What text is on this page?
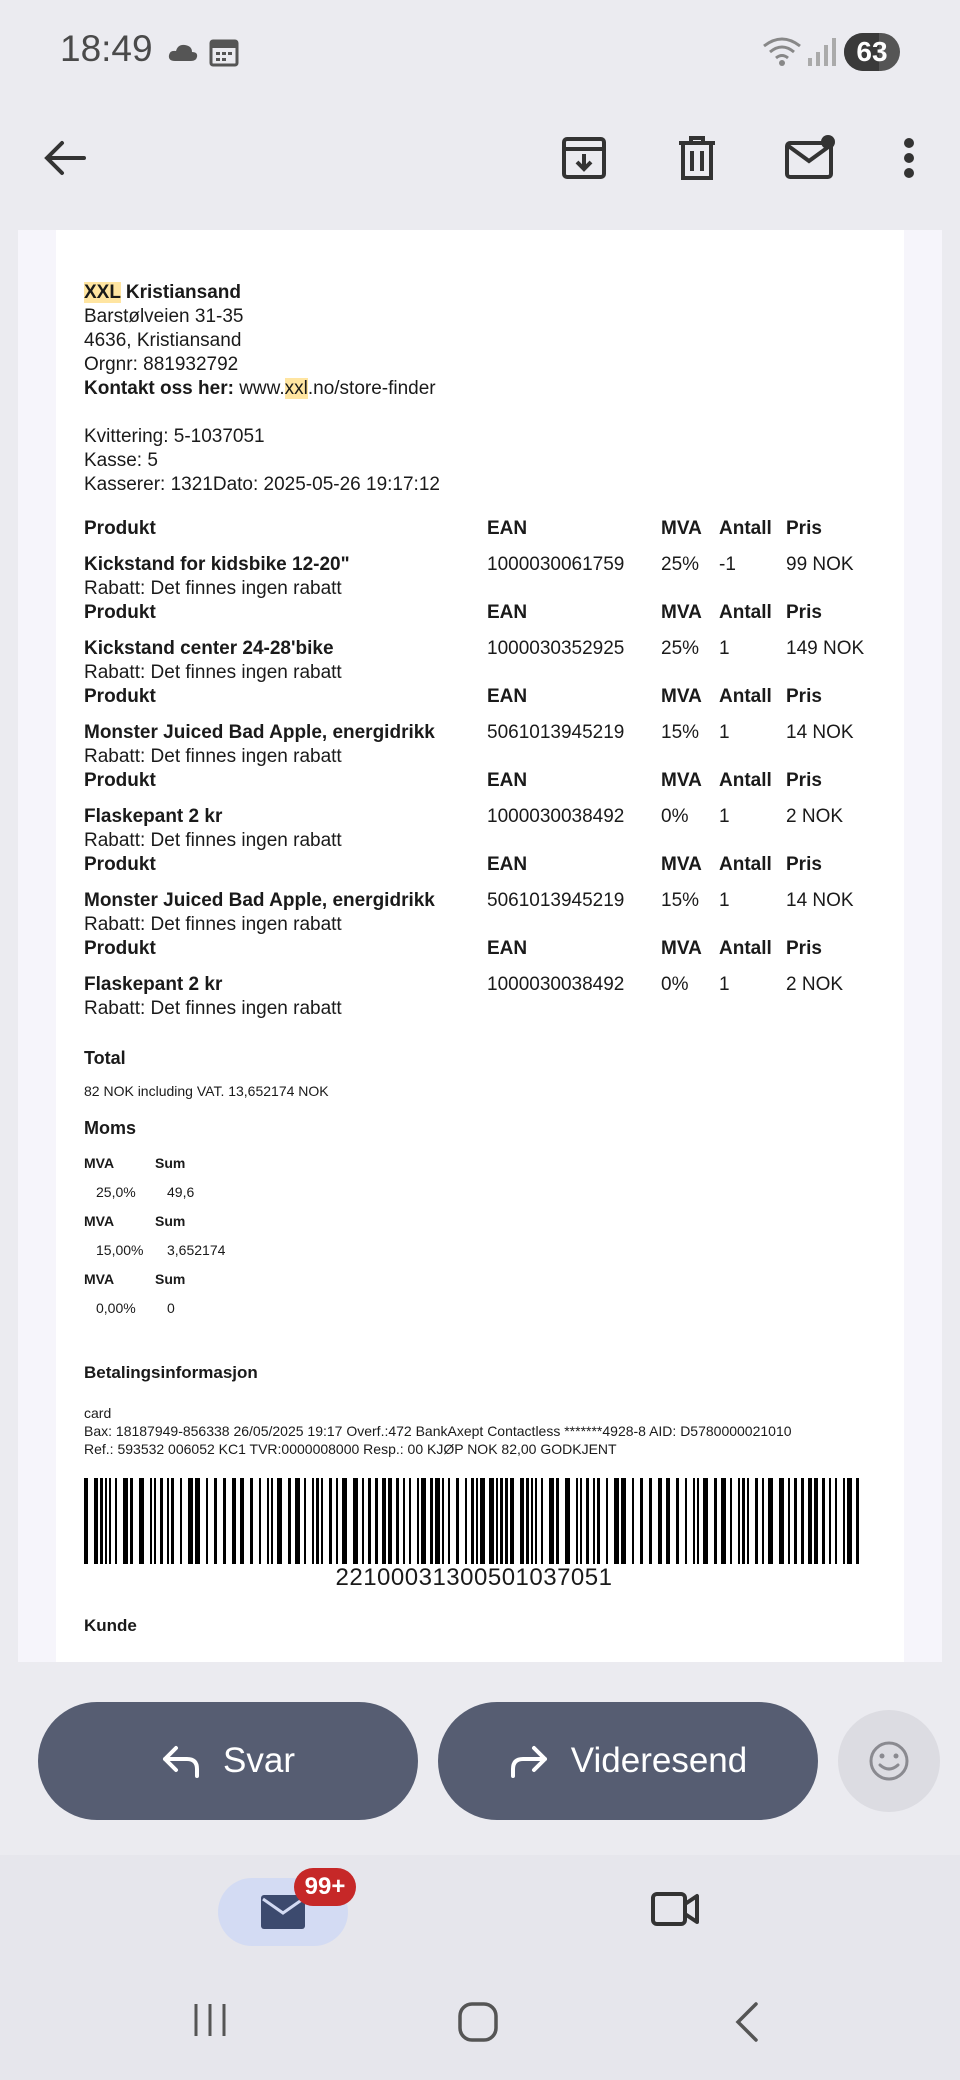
18:49	63
XXL Kristiansand
Barstølveien 31-35
4636, Kristiansand
Orgnr: 881932792
Kontakt oss her: www.xxl.no/store-finder
Kvittering: 5-1037051
Kasse: 5
Kasserer: 1321Dato: 2025-05-26 19:17:12
Produkt	EAN	MVA Antall Pris
Kickstand for kidsbike 12-20"	1000030061759 25% -1	99 NOK
Rabatt: Det finnes ingen rabatt
Produkt	EAN	MVA Antall Pris
Kickstand center 24-28'bike	1000030352925 25% 1	149 NOK
Rabatt: Det finnes ingen rabatt
Produkt	EAN	MVA Antall Pris
Monster Juiced Bad Apple, energidrikk	5061013945219 15% 1	14 NOK
Rabatt: Det finnes ingen rabatt
Produkt	EAN	MVA Antall Pris
Flaskepant 2 kr	1000030038492 0% 1	2 NOK
Rabatt: Det finnes ingen rabatt
Produkt	EAN	MVA Antall Pris
Monster Juiced Bad Apple, energidrikk	5061013945219 15% 1	14 NOK
Rabatt: Det finnes ingen rabatt
Produkt	EAN	MVA Antall Pris
Flaskepant 2 kr	1000030038492 0% 1	2 NOK
Rabatt: Det finnes ingen rabatt
Total
82 NOK including VAT. 13,652174 NOK
Moms
MVA	Sum
25,0% 49,6
MVA	Sum
15,00% 3,652174
MVA	Sum
0,00% 0
Betalingsinformasjon
card
Bax: 18187949-856338 26/05/2025 19:17 Overf.:472 BankAxept Contactless *******4928-8 AID: D5780000021010
Ref.: 593532 006052 KC1 TVR:0000008000 Resp.: 00 KJØP NOK 82,00 GODKJENT
2210003130050103705​1
Kunde
Svar	Videresend
99+
